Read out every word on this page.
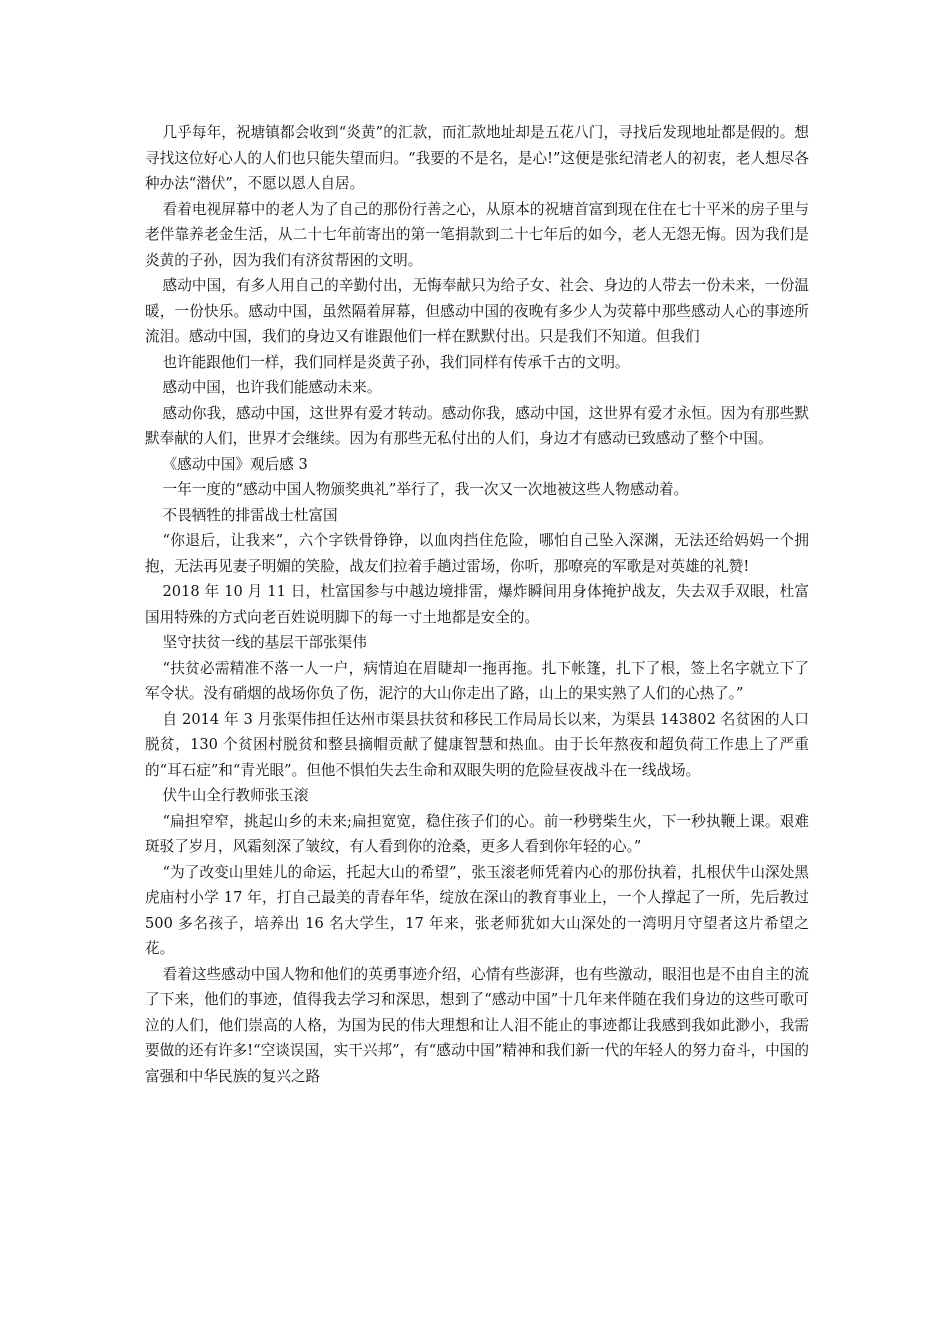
几乎每年，祝塘镇都会收到“炎黄”的汇款，而汇款地址却是五花八门，寻找后发现地址都是假的。想寻找这位好心人的人们也只能失望而归。“我要的不是名，是心!”这便是张纪清老人的初衷，老人想尽各种办法“潜伏”，不愿以恩人自居。

看着电视屏幕中的老人为了自己的那份行善之心，从原本的祝塘首富到现在住在七十平米的房子里与老伴靠养老金生活，从二十七年前寄出的第一笔捐款到二十七年后的如今，老人无怨无悔。因为我们是炎黄的子孙，因为我们有济贫帮困的文明。

感动中国，有多人用自己的辛勤付出，无悔奉献只为给子女、社会、身边的人带去一份未来，一份温暖，一份快乐。感动中国，虽然隔着屏幕，但感动中国的夜晚有多少人为荧幕中那些感动人心的事迹所流泪。感动中国，我们的身边又有谁跟他们一样在默默付出。只是我们不知道。但我们

也许能跟他们一样，我们同样是炎黄子孙，我们同样有传承千古的文明。

感动中国，也许我们能感动未来。

感动你我，感动中国，这世界有爱才转动。感动你我，感动中国，这世界有爱才永恒。因为有那些默默奉献的人们，世界才会继续。因为有那些无私付出的人们，身边才有感动已致感动了整个中国。

《感动中国》观后感 3

一年一度的“感动中国人物颁奖典礼”举行了，我一次又一次地被这些人物感动着。

不畏牺牲的排雷战士杜富国

“你退后，让我来”，六个字铁骨铮铮，以血肉挡住危险，哪怕自己坠入深渊，无法还给妈妈一个拥抱，无法再见妻子明媚的笑脸，战友们拉着手趟过雷场，你听，那嘹亮的军歌是对英雄的礼赞!

2018 年 10 月 11 日，杜富国参与中越边境排雷，爆炸瞬间用身体掩护战友，失去双手双眼，杜富国用特殊的方式向老百姓说明脚下的每一寸土地都是安全的。

坚守扶贫一线的基层干部张渠伟

“扶贫必需精准不落一人一户，病情迫在眉睫却一拖再拖。扎下帐篷，扎下了根，签上名字就立下了军令状。没有硝烟的战场你负了伤，泥泞的大山你走出了路，山上的果实熟了人们的心热了。”

自 2014 年 3 月张渠伟担任达州市渠县扶贫和移民工作局局长以来，为渠县 143802 名贫困的人口脱贫，130 个贫困村脱贫和整县摘帽贡献了健康智慧和热血。由于长年熬夜和超负荷工作患上了严重的“耳石症”和“青光眼”。但他不惧怕失去生命和双眼失明的危险昼夜战斗在一线战场。

伏牛山全行教师张玉滚

“扁担窄窄，挑起山乡的未来;扁担宽宽，稳住孩子们的心。前一秒劈柴生火，下一秒执鞭上课。艰难斑驳了岁月，风霜刻深了皱纹，有人看到你的沧桑，更多人看到你年轻的心。”

“为了改变山里娃儿的命运，托起大山的希望”，张玉滚老师凭着内心的那份执着，扎根伏牛山深处黑虎庙村小学 17 年，打自己最美的青春年华，绽放在深山的教育事业上，一个人撑起了一所，先后教过 500 多名孩子，培养出 16 名大学生，17 年来，张老师犹如大山深处的一湾明月守望者这片希望之花。

看着这些感动中国人物和他们的英勇事迹介绍，心情有些澎湃，也有些激动，眼泪也是不由自主的流了下来，他们的事迹，值得我去学习和深思，想到了“感动中国”十几年来伴随在我们身边的这些可歌可泣的人们，他们崇高的人格，为国为民的伟大理想和让人泪不能止的事迹都让我感到我如此渺小，我需要做的还有许多!“空谈误国，实干兴邦”，有“感动中国”精神和我们新一代的年轻人的努力奋斗，中国的富强和中华民族的复兴之路
